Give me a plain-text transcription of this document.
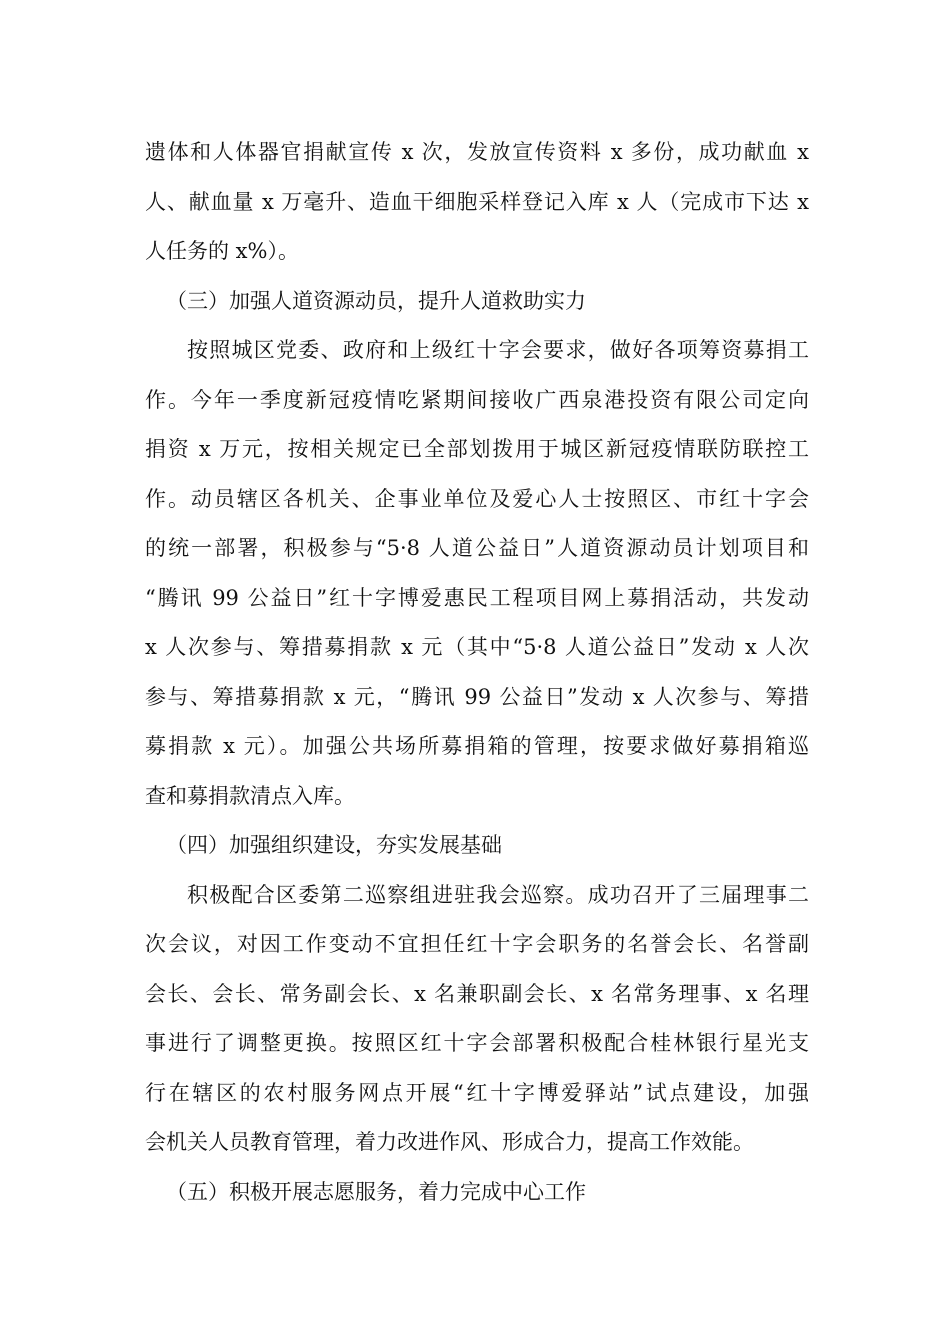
遗体和人体器官捐献宣传 x 次，发放宣传资料 x 多份，成功献血 x
人、献血量 x 万毫升、造血干细胞采样登记入库 x 人（完成市下达 x
人任务的 x%）。
（三）加强人道资源动员，提升人道救助实力
按照城区党委、政府和上级红十字会要求，做好各项筹资募捐工
作。今年一季度新冠疫情吃紧期间接收广西泉港投资有限公司定向
捐资 x 万元，按相关规定已全部划拨用于城区新冠疫情联防联控工
作。动员辖区各机关、企事业单位及爱心人士按照区、市红十字会
的统一部署，积极参与“5·8 人道公益日”人道资源动员计划项目和
“腾讯 99 公益日”红十字博爱惠民工程项目网上募捐活动，共发动
x 人次参与、筹措募捐款 x 元（其中“5·8 人道公益日”发动 x 人次
参与、筹措募捐款 x 元，“腾讯 99 公益日”发动 x 人次参与、筹措
募捐款 x 元）。加强公共场所募捐箱的管理，按要求做好募捐箱巡
查和募捐款清点入库。
（四）加强组织建设，夯实发展基础
积极配合区委第二巡察组进驻我会巡察。成功召开了三届理事二
次会议，对因工作变动不宜担任红十字会职务的名誉会长、名誉副
会长、会长、常务副会长、x 名兼职副会长、x 名常务理事、x 名理
事进行了调整更换。按照区红十字会部署积极配合桂林银行星光支
行在辖区的农村服务网点开展“红十字博爱驿站”试点建设，加强
会机关人员教育管理，着力改进作风、形成合力，提高工作效能。
（五）积极开展志愿服务，着力完成中心工作
